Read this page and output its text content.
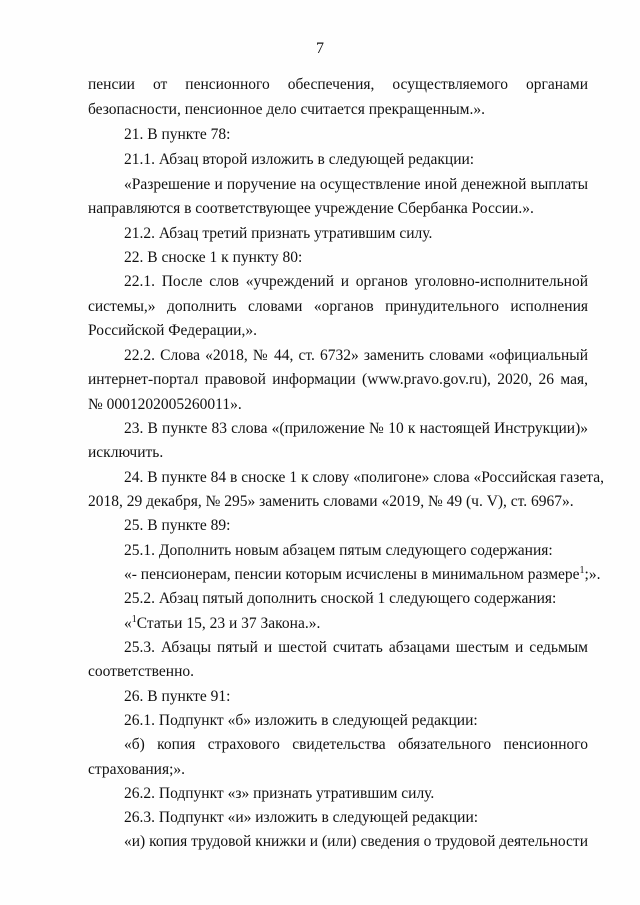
7
пенсии от пенсионного обеспечения, осуществляемого органами
безопасности, пенсионное дело считается прекращенным.».
21. В пункте 78:
21.1. Абзац второй изложить в следующей редакции:
«Разрешение и поручение на осуществление иной денежной выплаты
направляются в соответствующее учреждение Сбербанка России.».
21.2. Абзац третий признать утратившим силу.
22. В сноске 1 к пункту 80:
22.1. После слов «учреждений и органов уголовно-исполнительной
системы,» дополнить словами «органов принудительного исполнения
Российской Федерации,».
22.2. Слова «2018, № 44, ст. 6732» заменить словами «официальный
интернет-портал правовой информации (www.pravo.gov.ru), 2020, 26 мая,
№ 0001202005260011».
23. В пункте 83 слова «(приложение № 10 к настоящей Инструкции)»
исключить.
24. В пункте 84 в сноске 1 к слову «полигоне» слова «Российская газета,
2018, 29 декабря, № 295» заменить словами «2019, № 49 (ч. V), ст. 6967».
25. В пункте 89:
25.1. Дополнить новым абзацем пятым следующего содержания:
«- пенсионерам, пенсии которым исчислены в минимальном размере$^1$;».
25.2. Абзац пятый дополнить сноской 1 следующего содержания:
«$^1$Статьи 15, 23 и 37 Закона.».
25.3. Абзацы пятый и шестой считать абзацами шестым и седьмым
соответственно.
26. В пункте 91:
26.1. Подпункт «б» изложить в следующей редакции:
«б) копия страхового свидетельства обязательного пенсионного
страхования;».
26.2. Подпункт «з» признать утратившим силу.
26.3. Подпункт «и» изложить в следующей редакции:
«и) копия трудовой книжки и (или) сведения о трудовой деятельности
